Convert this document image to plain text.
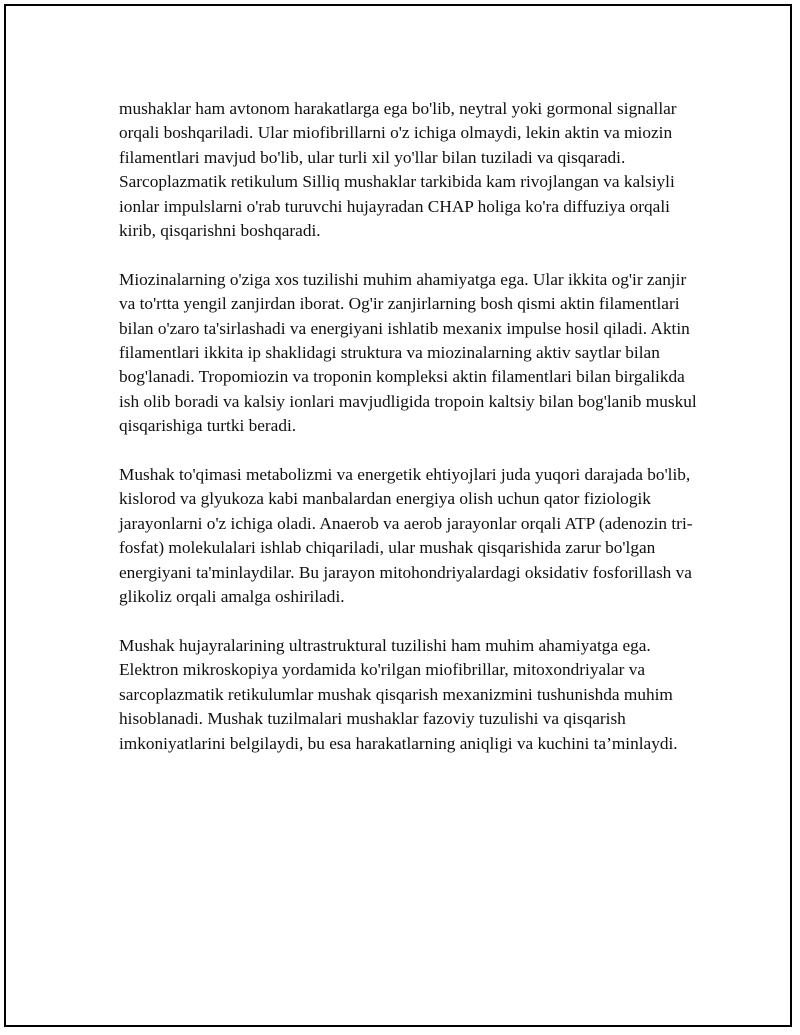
mushaklar ham avtonom harakatlarga ega bo'lib, neytral yoki gormonal signallar orqali boshqariladi. Ular miofibrillarni o'z ichiga olmaydi, lekin aktin va miozin filamentlari mavjud bo'lib, ular turli xil yo'llar bilan tuziladi va qisqaradi. Sarcoplazmatik retikulum Silliq mushaklar tarkibida kam rivojlangan va kalsiyli ionlar impulslarni o'rab turuvchi hujayradan CHAP holiga ko'ra diffuziya orqali kirib, qisqarishni boshqaradi.

Miozinalarning o'ziga xos tuzilishi muhim ahamiyatga ega. Ular ikkita og'ir zanjir va to'rtta yengil zanjirdan iborat. Og'ir zanjirlarning bosh qismi aktin filamentlari bilan o'zaro ta'sirlashadi va energiyani ishlatib mexanix impulse hosil qiladi. Aktin filamentlari ikkita ip shaklidagi struktura va miozinalarning aktiv saytlar bilan bog'lanadi. Tropomiozin va troponin kompleksi aktin filamentlari bilan birgalikda ish olib boradi va kalsiy ionlari mavjudligida tropoin kaltsiy bilan bog'lanib muskul qisqarishiga turtki beradi.

Mushak to'qimasi metabolizmi va energetik ehtiyojlari juda yuqori darajada bo'lib, kislorod va glyukoza kabi manbalardan energiya olish uchun qator fiziologik jarayonlarni o'z ichiga oladi. Anaerob va aerob jarayonlar orqali ATP (adenozin tri-fosfat) molekulalari ishlab chiqariladi, ular mushak qisqarishida zarur bo'lgan energiyani ta'minlaydilar. Bu jarayon mitohondriyalardagi oksidativ fosforillash va glikoliz orqali amalga oshiriladi.

Mushak hujayralarining ultrastruktural tuzilishi ham muhim ahamiyatga ega. Elektron mikroskopiya yordamida ko'rilgan miofibrillar, mitoxondriyalar va sarcoplazmatik retikulumlar mushak qisqarish mexanizmini tushunishda muhim hisoblanadi. Mushak tuzilmalari mushaklar fazoviy tuzulishi va qisqarish imkoniyatlarini belgilaydi, bu esa harakatlarning aniqligi va kuchini ta’minlaydi.
